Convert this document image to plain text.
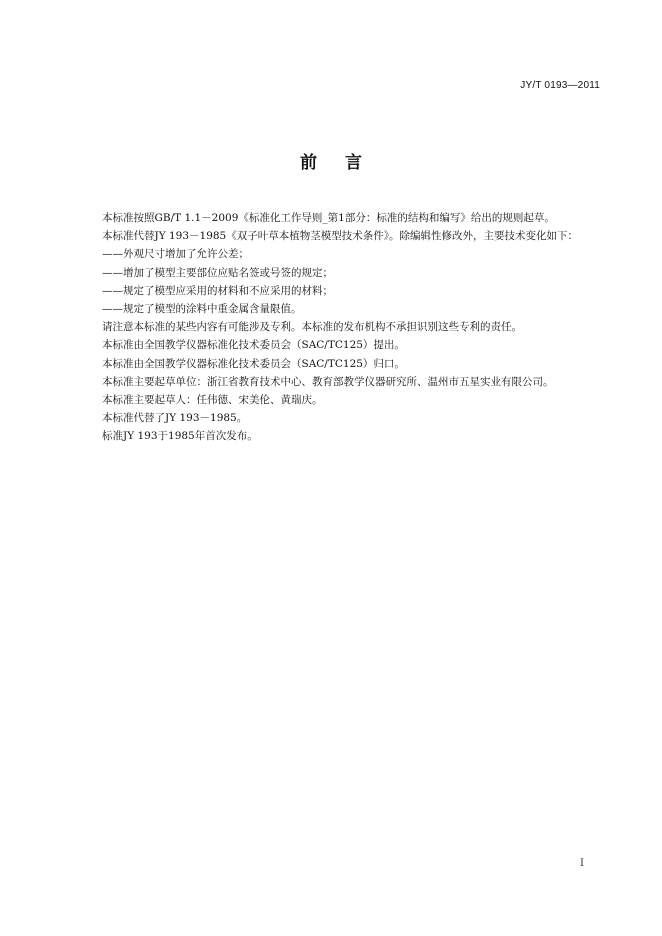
JY/T 0193—2011
前言

本标准按照GB/T 1.1－2009《标准化工作导则_第1部分：标准的结构和编写》给出的规则起草。

本标准代替JY 193－1985《双子叶草本植物茎模型技术条件》。除编辑性修改外，主要技术变化如下：

——外观尺寸增加了允许公差；

——增加了模型主要部位应贴名签或号签的规定；

——规定了模型应采用的材料和不应采用的材料；

——规定了模型的涂料中重金属含量限值。

请注意本标准的某些内容有可能涉及专利。本标准的发布机构不承担识别这些专利的责任。

本标准由全国教学仪器标准化技术委员会（SAC/TC125）提出。

本标准由全国教学仪器标准化技术委员会（SAC/TC125）归口。

本标准主要起草单位：浙江省教育技术中心、教育部教学仪器研究所、温州市五星实业有限公司。

本标准主要起草人：任伟德、宋美伦、黄瑞庆。

本标准代替了JY 193－1985。

标准JY 193于1985年首次发布。

I
